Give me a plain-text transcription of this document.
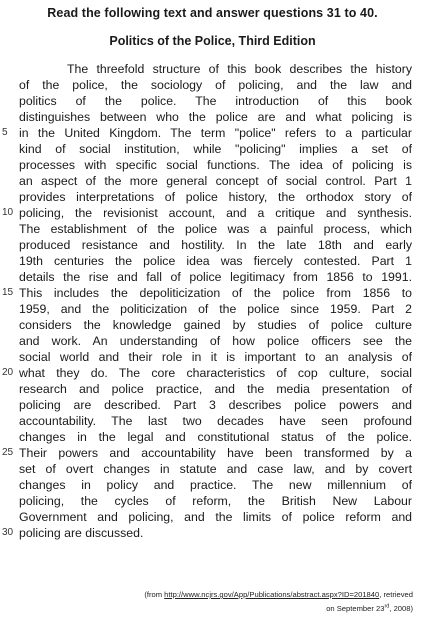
Read the following text and answer questions 31 to 40.
Politics of the Police, Third Edition
The threefold structure of this book describes the history
of the police, the sociology of policing, and the law and
politics of the police. The introduction of this book
distinguishes between who the police are and what policing is
5 in the United Kingdom. The term "police" refers to a particular
kind of social institution, while "policing" implies a set of
processes with specific social functions. The idea of policing is
an aspect of the more general concept of social control. Part 1
provides interpretations of police history, the orthodox story of
10 policing, the revisionist account, and a critique and synthesis.
The establishment of the police was a painful process, which
produced resistance and hostility. In the late 18th and early
19th centuries the police idea was fiercely contested. Part 1
details the rise and fall of police legitimacy from 1856 to 1991.
15 This includes the depoliticization of the police from 1856 to
1959, and the politicization of the police since 1959. Part 2
considers the knowledge gained by studies of police culture
and work. An understanding of how police officers see the
social world and their role in it is important to an analysis of
20 what they do. The core characteristics of cop culture, social
research and police practice, and the media presentation of
policing are described. Part 3 describes police powers and
accountability. The last two decades have seen profound
changes in the legal and constitutional status of the police.
25 Their powers and accountability have been transformed by a
set of overt changes in statute and case law, and by covert
changes in policy and practice. The new millennium of
policing, the cycles of reform, the British New Labour
Government and policing, and the limits of police reform and
30 policing are discussed.
(from http://www.ncjrs.gov/App/Publications/abstract.aspx?ID=201840, retrieved
on September 23rd, 2008)
